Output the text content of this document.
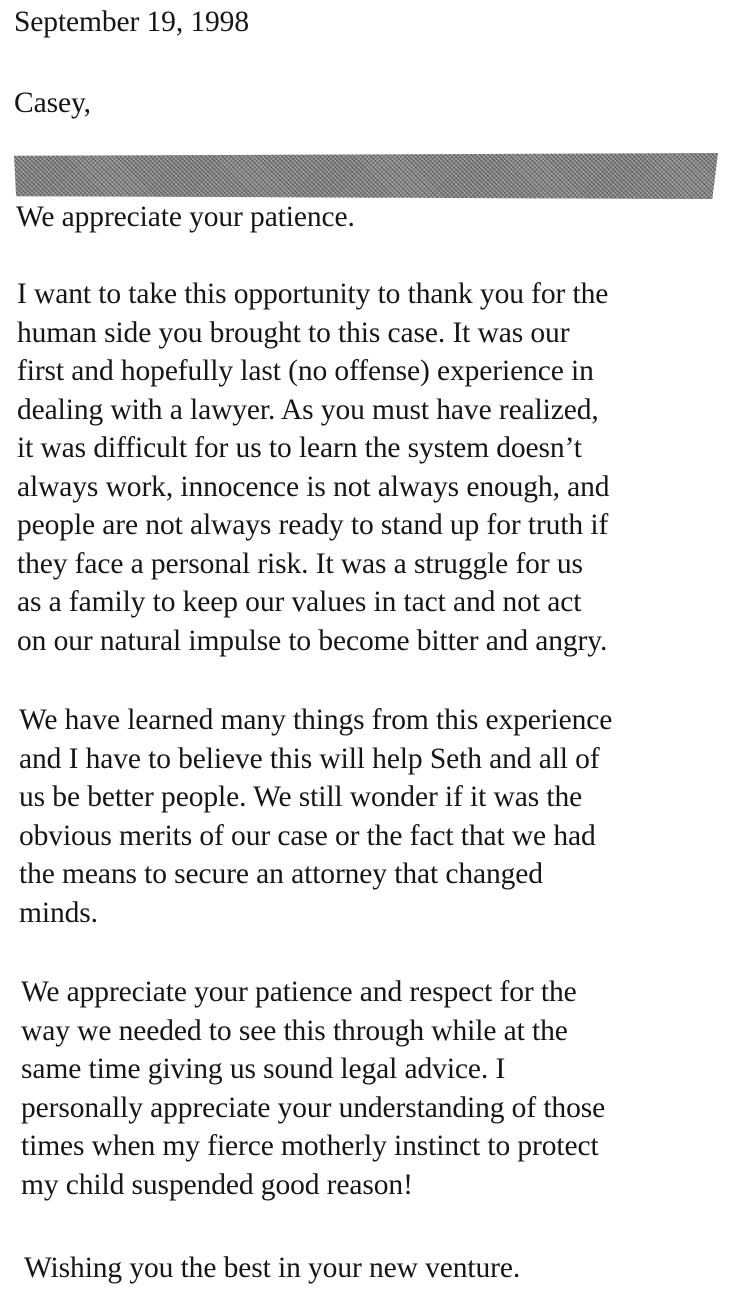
September 19, 1998
Casey,
We appreciate your patience.
I want to take this opportunity to thank you for the
human side you brought to this case. It was our
first and hopefully last (no offense) experience in
dealing with a lawyer. As you must have realized,
it was difficult for us to learn the system doesn’t
always work, innocence is not always enough, and
people are not always ready to stand up for truth if
they face a personal risk. It was a struggle for us
as a family to keep our values in tact and not act
on our natural impulse to become bitter and angry.
We have learned many things from this experience
and I have to believe this will help Seth and all of
us be better people. We still wonder if it was the
obvious merits of our case or the fact that we had
the means to secure an attorney that changed
minds.
We appreciate your patience and respect for the
way we needed to see this through while at the
same time giving us sound legal advice. I
personally appreciate your understanding of those
times when my fierce motherly instinct to protect
my child suspended good reason!
Wishing you the best in your new venture.
